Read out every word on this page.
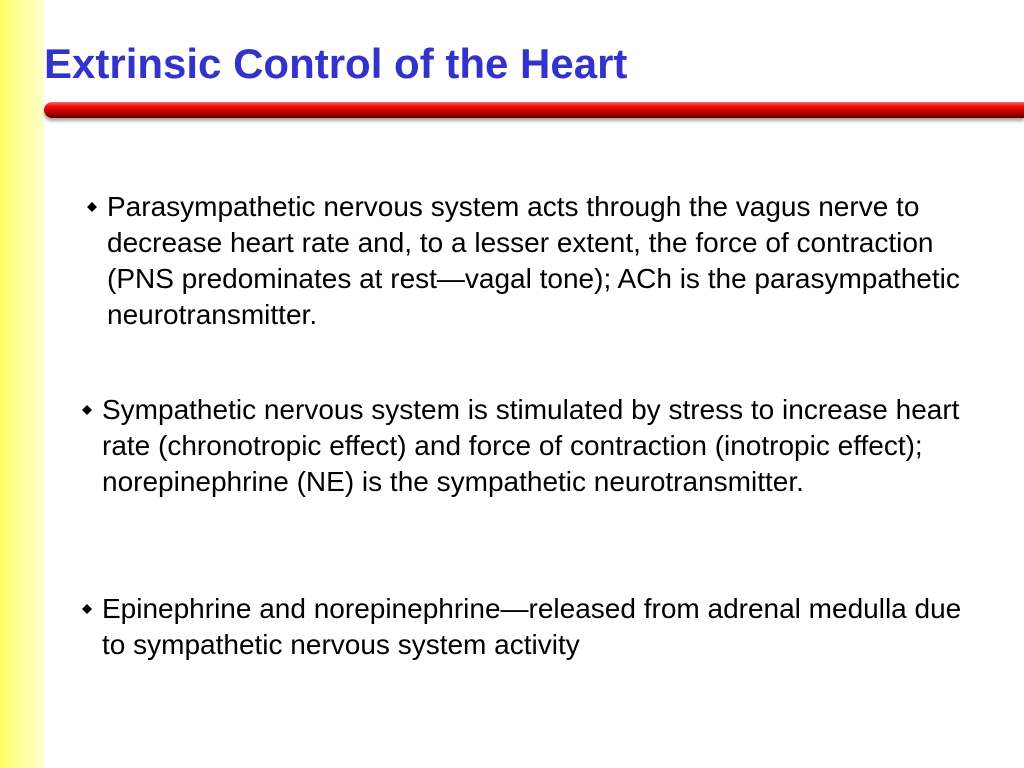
Extrinsic Control of the Heart
Parasympathetic nervous system acts through the vagus nerve to decrease heart rate and, to a lesser extent, the force of contraction (PNS predominates at rest—vagal tone); ACh is the parasympathetic neurotransmitter.
Sympathetic nervous system is stimulated by stress to increase heart rate (chronotropic effect) and force of contraction (inotropic effect); norepinephrine (NE) is the sympathetic neurotransmitter.
Epinephrine and norepinephrine—released from adrenal medulla due to sympathetic nervous system activity
